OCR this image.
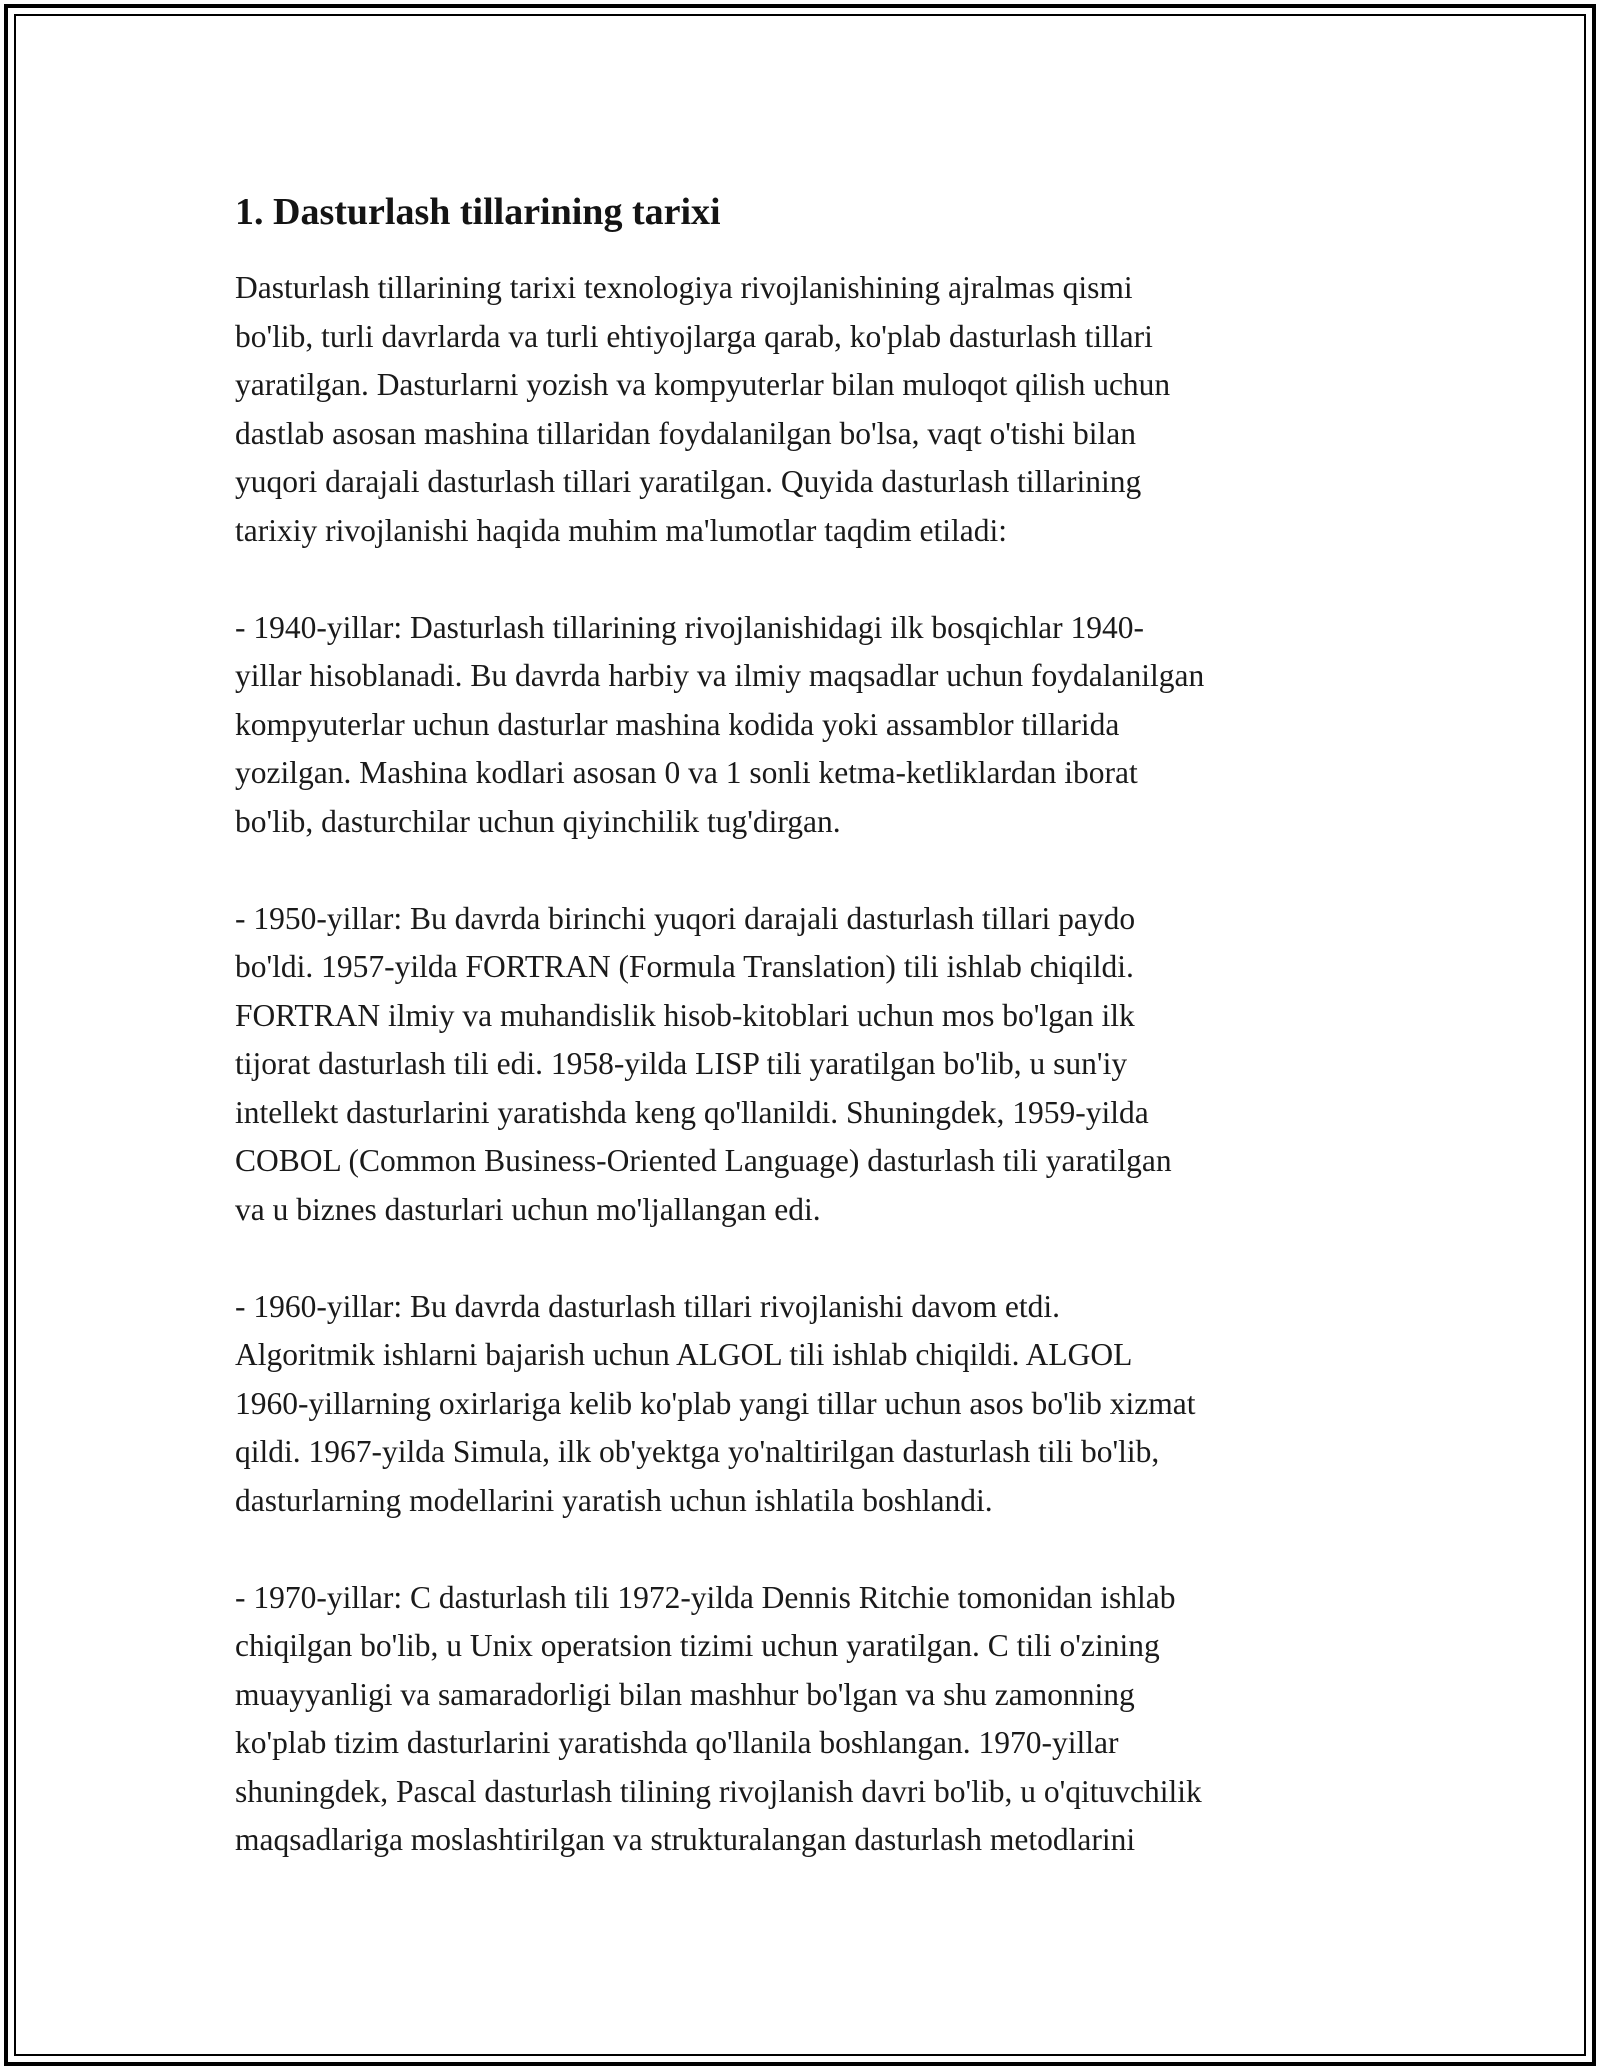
1. Dasturlash tillarining tarixi

Dasturlash tillarining tarixi texnologiya rivojlanishining ajralmas qismi
bo'lib, turli davrlarda va turli ehtiyojlarga qarab, ko'plab dasturlash tillari
yaratilgan. Dasturlarni yozish va kompyuterlar bilan muloqot qilish uchun
dastlab asosan mashina tillaridan foydalanilgan bo'lsa, vaqt o'tishi bilan
yuqori darajali dasturlash tillari yaratilgan. Quyida dasturlash tillarining
tarixiy rivojlanishi haqida muhim ma'lumotlar taqdim etiladi:

- 1940-yillar: Dasturlash tillarining rivojlanishidagi ilk bosqichlar 1940-
yillar hisoblanadi. Bu davrda harbiy va ilmiy maqsadlar uchun foydalanilgan
kompyuterlar uchun dasturlar mashina kodida yoki assamblor tillarida
yozilgan. Mashina kodlari asosan 0 va 1 sonli ketma-ketliklardan iborat
bo'lib, dasturchilar uchun qiyinchilik tug'dirgan.

- 1950-yillar: Bu davrda birinchi yuqori darajali dasturlash tillari paydo
bo'ldi. 1957-yilda FORTRAN (Formula Translation) tili ishlab chiqildi.
FORTRAN ilmiy va muhandislik hisob-kitoblari uchun mos bo'lgan ilk
tijorat dasturlash tili edi. 1958-yilda LISP tili yaratilgan bo'lib, u sun'iy
intellekt dasturlarini yaratishda keng qo'llanildi. Shuningdek, 1959-yilda
COBOL (Common Business-Oriented Language) dasturlash tili yaratilgan
va u biznes dasturlari uchun mo'ljallangan edi.

- 1960-yillar: Bu davrda dasturlash tillari rivojlanishi davom etdi.
Algoritmik ishlarni bajarish uchun ALGOL tili ishlab chiqildi. ALGOL
1960-yillarning oxirlariga kelib ko'plab yangi tillar uchun asos bo'lib xizmat
qildi. 1967-yilda Simula, ilk ob'yektga yo'naltirilgan dasturlash tili bo'lib,
dasturlarning modellarini yaratish uchun ishlatila boshlandi.

- 1970-yillar: C dasturlash tili 1972-yilda Dennis Ritchie tomonidan ishlab
chiqilgan bo'lib, u Unix operatsion tizimi uchun yaratilgan. C tili o'zining
muayyanligi va samaradorligi bilan mashhur bo'lgan va shu zamonning
ko'plab tizim dasturlarini yaratishda qo'llanila boshlangan. 1970-yillar
shuningdek, Pascal dasturlash tilining rivojlanish davri bo'lib, u o'qituvchilik
maqsadlariga moslashtirilgan va strukturalangan dasturlash metodlarini
